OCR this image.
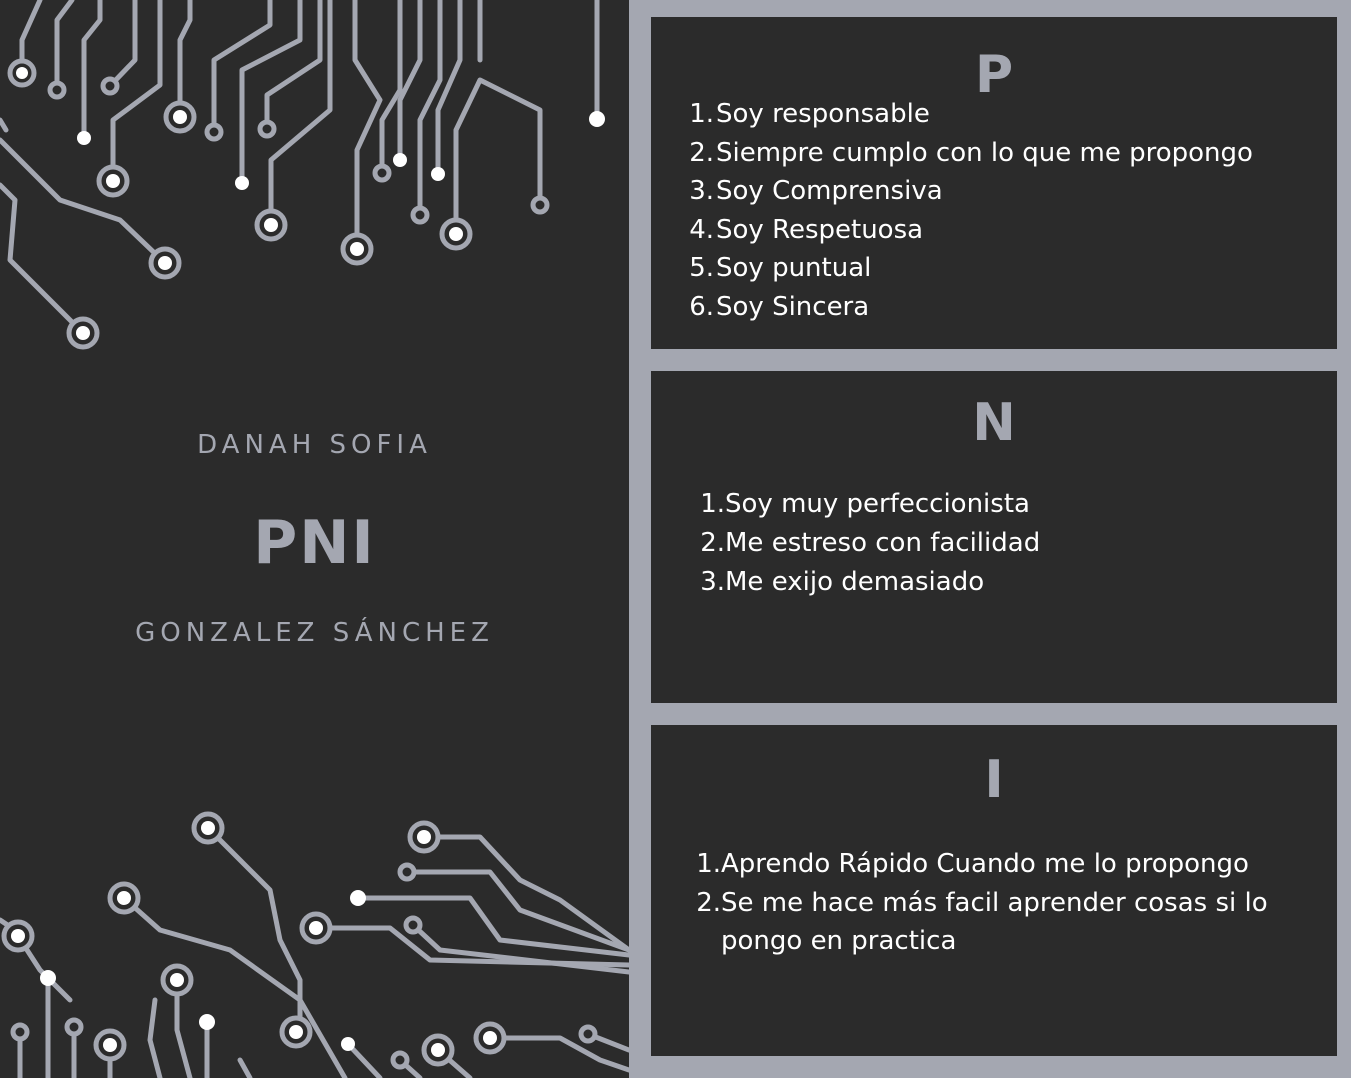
DANAH SOFIA
PNI
GONZALEZ SÁNCHEZ
P
1. Soy responsable
2. Siempre cumplo con lo que me propongo
3. Soy Comprensiva
4. Soy Respetuosa
5. Soy puntual
6. Soy Sincera
N
1. Soy muy perfeccionista
2. Me estreso con facilidad
3. Me exijo demasiado
I
1. Aprendo Rápido Cuando me lo propongo
2. Se me hace más facil aprender cosas si lo pongo en practica
